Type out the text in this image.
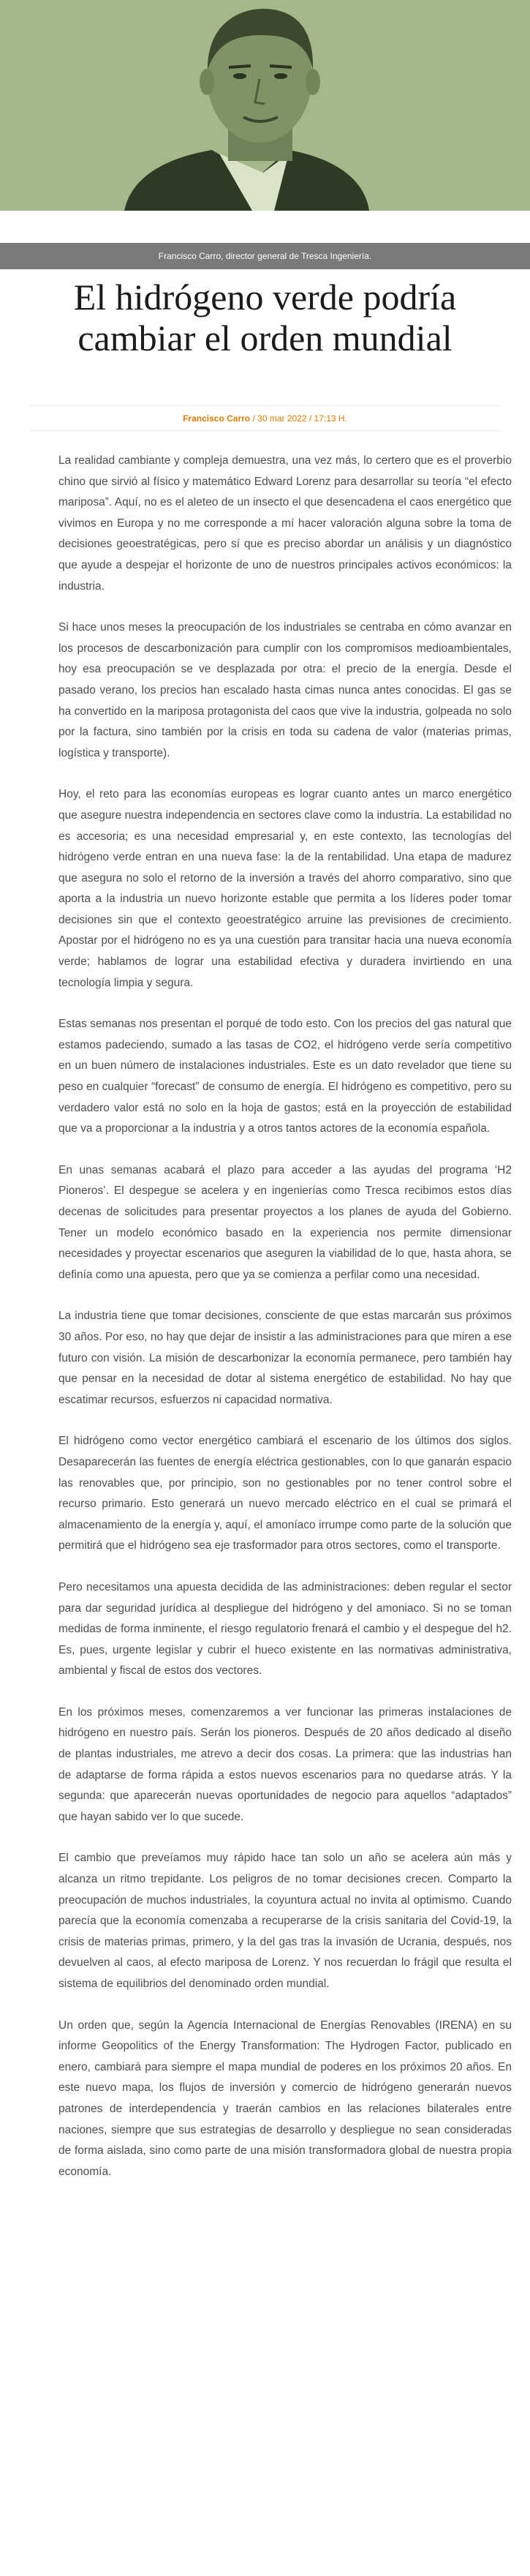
Francisco Carro, director general de Tresca Ingeniería.
El hidrógeno verde podría cambiar el orden mundial
Francisco Carro / 30 mar 2022 / 17:13 H.

La realidad cambiante y compleja demuestra, una vez más, lo certero que es el proverbio chino que sirvió al físico y matemático Edward Lorenz para desarrollar su teoría “el efecto mariposa”. Aquí, no es el aleteo de un insecto el que desencadena el caos energético que vivimos en Europa y no me corresponde a mí hacer valoración alguna sobre la toma de decisiones geoestratégicas, pero sí que es preciso abordar un análisis y un diagnóstico que ayude a despejar el horizonte de uno de nuestros principales activos económicos: la industria.

Si hace unos meses la preocupación de los industriales se centraba en cómo avanzar en los procesos de descarbonización para cumplir con los compromisos medioambientales, hoy esa preocupación se ve desplazada por otra: el precio de la energía. Desde el pasado verano, los precios han escalado hasta cimas nunca antes conocidas. El gas se ha convertido en la mariposa protagonista del caos que vive la industria, golpeada no solo por la factura, sino también por la crisis en toda su cadena de valor (materias primas, logística y transporte).

Hoy, el reto para las economías europeas es lograr cuanto antes un marco energético que asegure nuestra independencia en sectores clave como la industria. La estabilidad no es accesoria; es una necesidad empresarial y, en este contexto, las tecnologías del hidrógeno verde entran en una nueva fase: la de la rentabilidad. Una etapa de madurez que asegura no solo el retorno de la inversión a través del ahorro comparativo, sino que aporta a la industria un nuevo horizonte estable que permita a los líderes poder tomar decisiones sin que el contexto geoestratégico arruine las previsiones de crecimiento. Apostar por el hidrógeno no es ya una cuestión para transitar hacia una nueva economía verde; hablamos de lograr una estabilidad efectiva y duradera invirtiendo en una tecnología limpia y segura.

Estas semanas nos presentan el porqué de todo esto. Con los precios del gas natural que estamos padeciendo, sumado a las tasas de CO2, el hidrógeno verde sería competitivo en un buen número de instalaciones industriales. Este es un dato revelador que tiene su peso en cualquier “forecast” de consumo de energía. El hidrógeno es competitivo, pero su verdadero valor está no solo en la hoja de gastos; está en la proyección de estabilidad que va a proporcionar a la industria y a otros tantos actores de la economía española.

En unas semanas acabará el plazo para acceder a las ayudas del programa ‘H2 Pioneros’. El despegue se acelera y en ingenierías como Tresca recibimos estos días decenas de solicitudes para presentar proyectos a los planes de ayuda del Gobierno. Tener un modelo económico basado en la experiencia nos permite dimensionar necesidades y proyectar escenarios que aseguren la viabilidad de lo que, hasta ahora, se definía como una apuesta, pero que ya se comienza a perfilar como una necesidad.

La industria tiene que tomar decisiones, consciente de que estas marcarán sus próximos 30 años. Por eso, no hay que dejar de insistir a las administraciones para que miren a ese futuro con visión. La misión de descarbonizar la economía permanece, pero también hay que pensar en la necesidad de dotar al sistema energético de estabilidad. No hay que escatimar recursos, esfuerzos ni capacidad normativa.

El hidrógeno como vector energético cambiará el escenario de los últimos dos siglos. Desaparecerán las fuentes de energía eléctrica gestionables, con lo que ganarán espacio las renovables que, por principio, son no gestionables por no tener control sobre el recurso primario. Esto generará un nuevo mercado eléctrico en el cual se primará el almacenamiento de la energía y, aquí, el amoníaco irrumpe como parte de la solución que permitirá que el hidrógeno sea eje trasformador para otros sectores, como el transporte.

Pero necesitamos una apuesta decidida de las administraciones: deben regular el sector para dar seguridad jurídica al despliegue del hidrógeno y del amoniaco. Si no se toman medidas de forma inminente, el riesgo regulatorio frenará el cambio y el despegue del h2. Es, pues, urgente legislar y cubrir el hueco existente en las normativas administrativa, ambiental y fiscal de estos dos vectores.

En los próximos meses, comenzaremos a ver funcionar las primeras instalaciones de hidrógeno en nuestro país. Serán los pioneros. Después de 20 años dedicado al diseño de plantas industriales, me atrevo a decir dos cosas. La primera: que las industrias han de adaptarse de forma rápida a estos nuevos escenarios para no quedarse atrás. Y la segunda: que aparecerán nuevas oportunidades de negocio para aquellos “adaptados” que hayan sabido ver lo que sucede.

El cambio que preveíamos muy rápido hace tan solo un año se acelera aún más y alcanza un ritmo trepidante. Los peligros de no tomar decisiones crecen. Comparto la preocupación de muchos industriales, la coyuntura actual no invita al optimismo. Cuando parecía que la economía comenzaba a recuperarse de la crisis sanitaria del Covid-19, la crisis de materias primas, primero, y la del gas tras la invasión de Ucrania, después, nos devuelven al caos, al efecto mariposa de Lorenz. Y nos recuerdan lo frágil que resulta el sistema de equilibrios del denominado orden mundial.

Un orden que, según la Agencia Internacional de Energías Renovables (IRENA) en su informe Geopolitics of the Energy Transformation: The Hydrogen Factor, publicado en enero, cambiará para siempre el mapa mundial de poderes en los próximos 20 años. En este nuevo mapa, los flujos de inversión y comercio de hidrógeno generarán nuevos patrones de interdependencia y traerán cambios en las relaciones bilaterales entre naciones, siempre que sus estrategias de desarrollo y despliegue no sean consideradas de forma aislada, sino como parte de una misión transformadora global de nuestra propia economía.
